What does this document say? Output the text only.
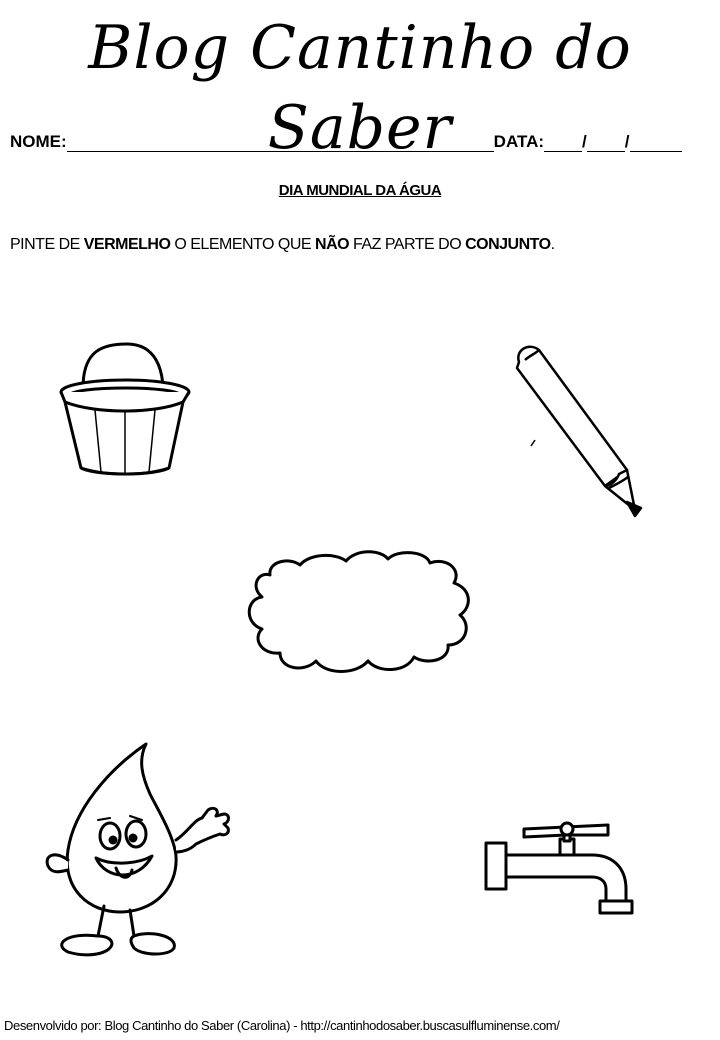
Blog Cantinho do Saber
NOME:	DATA: / /
DIA MUNDIAL DA ÁGUA
PINTE DE VERMELHO O ELEMENTO QUE NÃO FAZ PARTE DO CONJUNTO.
Desenvolvido por: Blog Cantinho do Saber (Carolina) - http://cantinhodosaber.buscasulfluminense.com/
